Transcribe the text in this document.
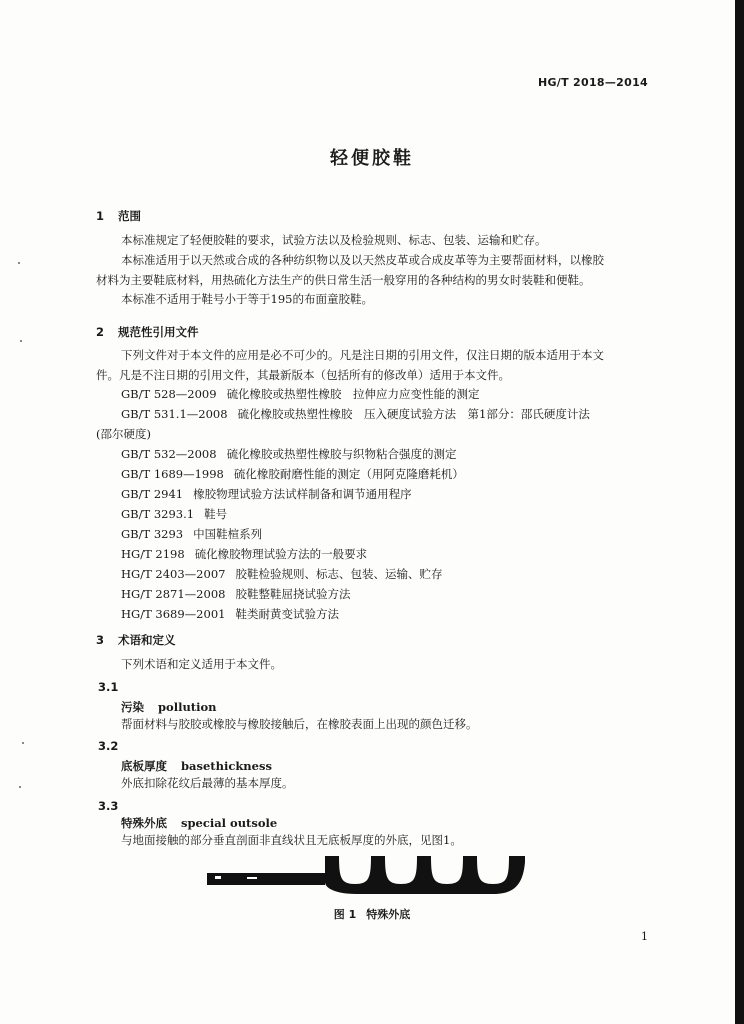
HG/T 2018—2014
轻便胶鞋
1 范围
本标准规定了轻便胶鞋的要求，试验方法以及检验规则、标志、包装、运输和贮存。
本标准适用于以天然或合成的各种纺织物以及以天然皮革或合成皮革等为主要帮面材料，以橡胶
材料为主要鞋底材料，用热硫化方法生产的供日常生活一般穿用的各种结构的男女时装鞋和便鞋。
本标准不适用于鞋号小于等于195的布面童胶鞋。
2 规范性引用文件
下列文件对于本文件的应用是必不可少的。凡是注日期的引用文件，仅注日期的版本适用于本文
件。凡是不注日期的引用文件，其最新版本（包括所有的修改单）适用于本文件。
GB/T 528—2009 硫化橡胶或热塑性橡胶　拉伸应力应变性能的测定
GB/T 531.1—2008 硫化橡胶或热塑性橡胶　压入硬度试验方法　第1部分：邵氏硬度计法
(邵尔硬度)
GB/T 532—2008 硫化橡胶或热塑性橡胶与织物粘合强度的测定
GB/T 1689—1998 硫化橡胶耐磨性能的测定（用阿克隆磨耗机）
GB/T 2941 橡胶物理试验方法试样制备和调节通用程序
GB/T 3293.1 鞋号
GB/T 3293 中国鞋楦系列
HG/T 2198 硫化橡胶物理试验方法的一般要求
HG/T 2403—2007 胶鞋检验规则、标志、包装、运输、贮存
HG/T 2871—2008 胶鞋整鞋屈挠试验方法
HG/T 3689—2001 鞋类耐黄变试验方法
3 术语和定义
下列术语和定义适用于本文件。
3.1
污染 pollution
帮面材料与胶胶或橡胶与橡胶接触后，在橡胶表面上出现的颜色迁移。
3.2
底板厚度 basethickness
外底扣除花纹后最薄的基本厚度。
3.3
特殊外底 special outsole
与地面接触的部分垂直剖面非直线状且无底板厚度的外底，见图1。
图 1 特殊外底
1
